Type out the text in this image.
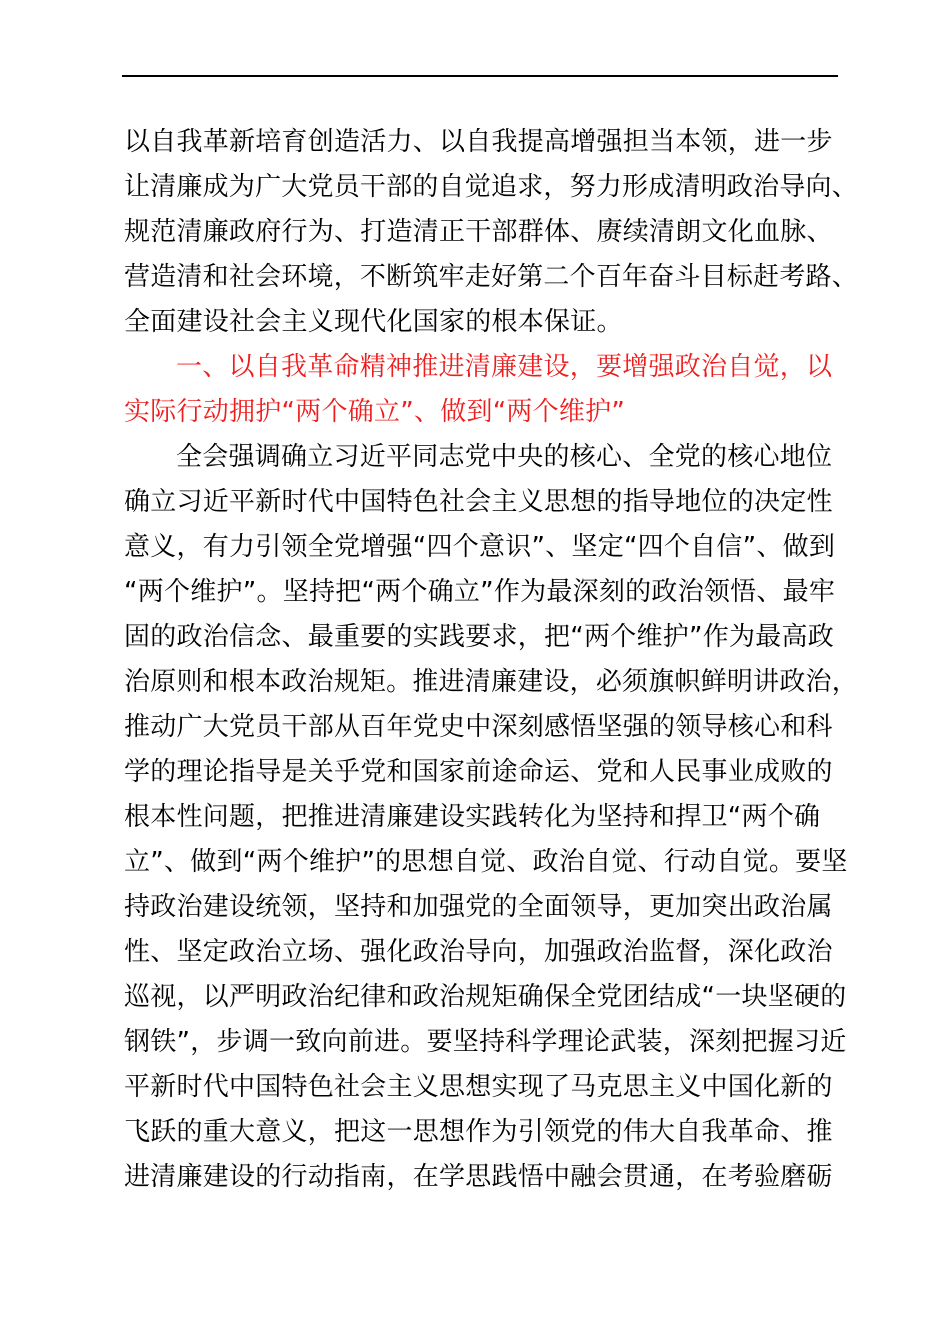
以自我革新培育创造活力、以自我提高增强担当本领，进一步
让清廉成为广大党员干部的自觉追求，努力形成清明政治导向、
规范清廉政府行为、打造清正干部群体、赓续清朗文化血脉、
营造清和社会环境，不断筑牢走好第二个百年奋斗目标赶考路、
全面建设社会主义现代化国家的根本保证。
一、以自我革命精神推进清廉建设，要增强政治自觉，以
实际行动拥护“两个确立”、做到“两个维护”
全会强调确立习近平同志党中央的核心、全党的核心地位
确立习近平新时代中国特色社会主义思想的指导地位的决定性
意义，有力引领全党增强“四个意识”、坚定“四个自信”、做到
“两个维护”。坚持把“两个确立”作为最深刻的政治领悟、最牢
固的政治信念、最重要的实践要求，把“两个维护”作为最高政
治原则和根本政治规矩。推进清廉建设，必须旗帜鲜明讲政治，
推动广大党员干部从百年党史中深刻感悟坚强的领导核心和科
学的理论指导是关乎党和国家前途命运、党和人民事业成败的
根本性问题，把推进清廉建设实践转化为坚持和捍卫“两个确
立”、做到“两个维护”的思想自觉、政治自觉、行动自觉。要坚
持政治建设统领，坚持和加强党的全面领导，更加突出政治属
性、坚定政治立场、强化政治导向，加强政治监督，深化政治
巡视，以严明政治纪律和政治规矩确保全党团结成“一块坚硬的
钢铁”，步调一致向前进。要坚持科学理论武装，深刻把握习近
平新时代中国特色社会主义思想实现了马克思主义中国化新的
飞跃的重大意义，把这一思想作为引领党的伟大自我革命、推
进清廉建设的行动指南，在学思践悟中融会贯通，在考验磨砺
